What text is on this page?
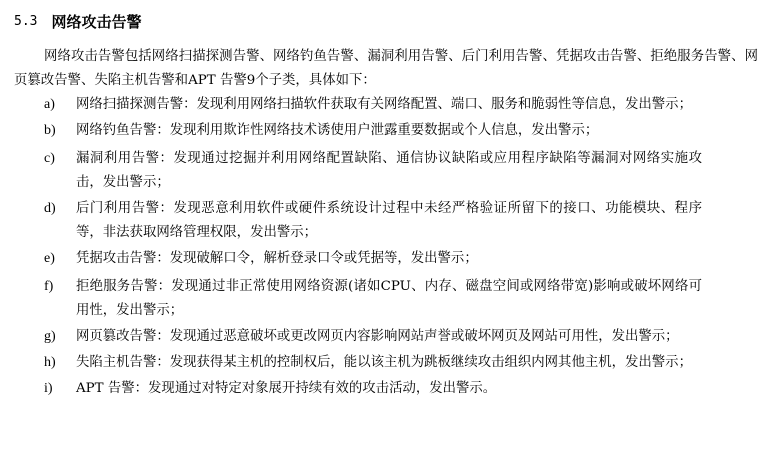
5.3 网络攻击告警

网络攻击告警包括网络扫描探测告警、网络钓鱼告警、漏洞利用告警、后门利用告警、凭据攻击告警、拒绝服务告警、网页篡改告警、失陷主机告警和APT 告警9个子类，具体如下：

a)	网络扫描探测告警：发现利用网络扫描软件获取有关网络配置、端口、服务和脆弱性等信息，发出警示；
b)	网络钓鱼告警：发现利用欺诈性网络技术诱使用户泄露重要数据或个人信息，发出警示；
c)	漏洞利用告警：发现通过挖掘并利用网络配置缺陷、通信协议缺陷或应用程序缺陷等漏洞对网络实施攻击，发出警示；
d)	后门利用告警：发现恶意利用软件或硬件系统设计过程中未经严格验证所留下的接口、功能模块、程序等，非法获取网络管理权限，发出警示；
e)	凭据攻击告警：发现破解口令，解析登录口令或凭据等，发出警示；
f)	拒绝服务告警：发现通过非正常使用网络资源(诸如CPU、内存、磁盘空间或网络带宽)影响或破坏网络可用性，发出警示；
g)	网页篡改告警：发现通过恶意破坏或更改网页内容影响网站声誉或破坏网页及网站可用性，发出警示；
h)	失陷主机告警：发现获得某主机的控制权后，能以该主机为跳板继续攻击组织内网其他主机，发出警示；
i)	APT 告警：发现通过对特定对象展开持续有效的攻击活动，发出警示。
